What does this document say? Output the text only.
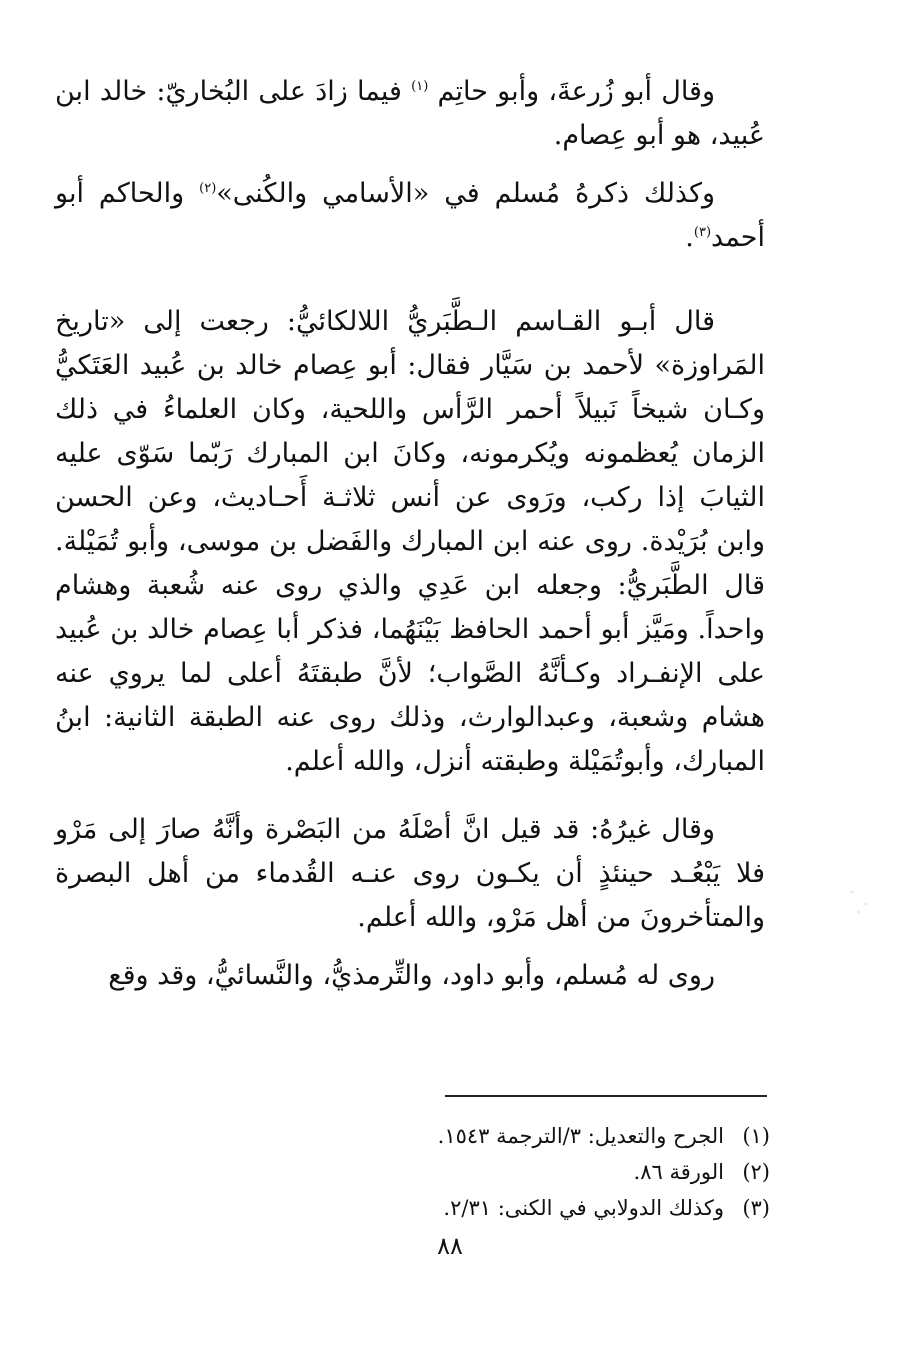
وقال أبو زُرعةَ، وأبو حاتِم $^{(١)}$ فيما زادَ على البُخاريّ: خالد ابن عُبيد، هو أبو عِصام.

وكذلك ذكرهُ مُسلم في «الأسامي والكُنى»$^{(٢)}$ والحاكم أبو أحمد$^{(٣)}$.

قال أبـو القـاسم الـطَّبَريُّ اللالكائيُّ: رجعت إلى «تاريخ المَراوزة» لأحمد بن سَيَّار فقال: أبو عِصام خالد بن عُبيد العَتَكيُّ وكـان شيخاً نَبيلاً أحمر الرَّأس واللحية، وكان العلماءُ في ذلك الزمان يُعظمونه ويُكرمونه، وكانَ ابن المبارك رَبّما سَوّى عليه الثيابَ إذا ركب، ورَوى عن أنس ثلاثـة أَحـاديث، وعن الحسن وابن بُرَيْدة. روى عنه ابن المبارك والفَضل بن موسى، وأبو تُمَيْلة. قال الطَّبَريُّ: وجعله ابن عَدِي والذي روى عنه شُعبة وهشام واحداً. ومَيَّز أبو أحمد الحافظ بَيْنَهُما، فذكر أبا عِصام خالد بن عُبيد على الإنفـراد وكـأنَّهُ الصَّواب؛ لأنَّ طبقتَهُ أعلى لما يروي عنه هشام وشعبة، وعبدالوارث، وذلك روى عنه الطبقة الثانية: ابنُ المبارك، وأبوتُمَيْلة وطبقته أنزل، والله أعلم.

وقال غيرُهُ: قد قيل انَّ أصْلَهُ من البَصْرة وأنَّهُ صارَ إلى مَرْو فلا يَبْعُـد حينئذٍ أن يكـون روى عنـه القُدماء من أهل البصرة والمتأخرونَ من أهل مَرْو، والله أعلم.

روى له مُسلم، وأبو داود، والتِّرمذيُّ، والنَّسائيُّ، وقد وقع

(١)الجرح والتعديل: ٣/الترجمة ١٥٤٣.
(٢)الورقة ٨٦.
(٣)وكذلك الدولابي في الكنى: ٢/٣١.
٨٨
